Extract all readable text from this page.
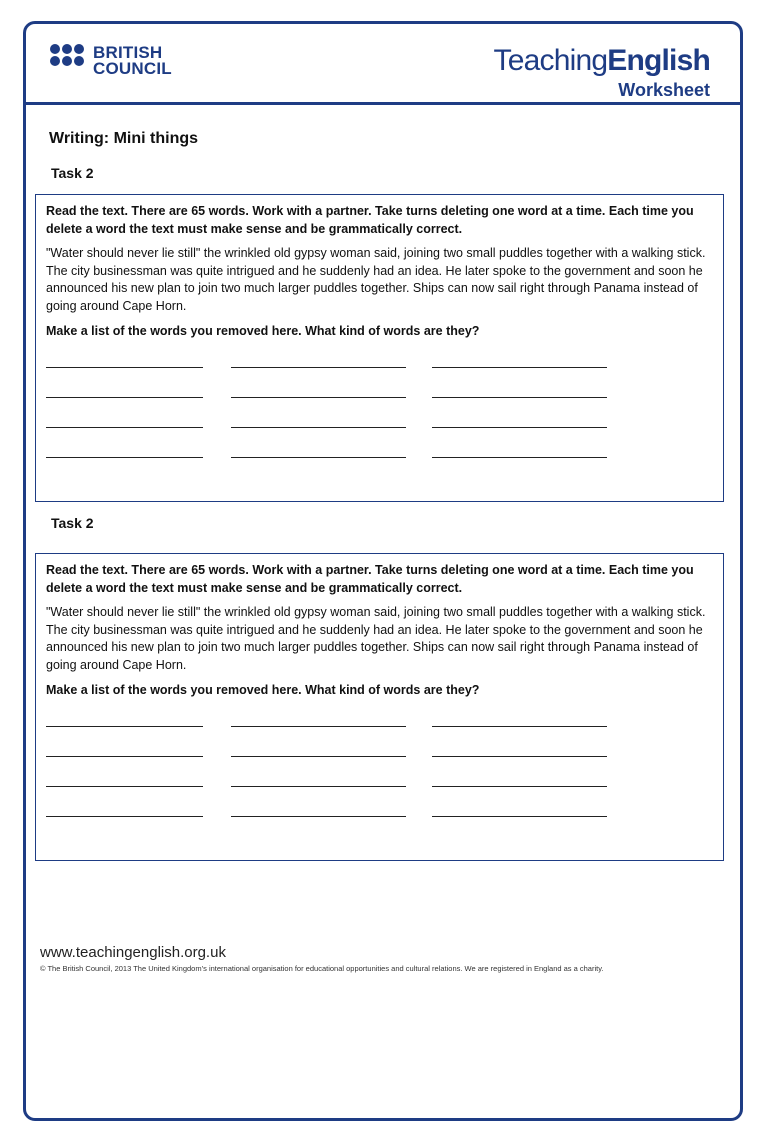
BRITISH
COUNCIL	TeachingEnglish
Worksheet
Writing: Mini things
Task 2

Read the text. There are 65 words. Work with a partner. Take turns deleting one word at a time. Each time you delete a word the text must make sense and be grammatically correct.

"Water should never lie still" the wrinkled old gypsy woman said, joining two small puddles together with a walking stick. The city businessman was quite intrigued and he suddenly had an idea. He later spoke to the government and soon he announced his new plan to join two much larger puddles together. Ships can now sail right through Panama instead of going around Cape Horn.

Make a list of the words you removed here. What kind of words are they?

Task 2

Read the text. There are 65 words. Work with a partner. Take turns deleting one word at a time. Each time you delete a word the text must make sense and be grammatically correct.

"Water should never lie still" the wrinkled old gypsy woman said, joining two small puddles together with a walking stick. The city businessman was quite intrigued and he suddenly had an idea. He later spoke to the government and soon he announced his new plan to join two much larger puddles together. Ships can now sail right through Panama instead of going around Cape Horn.

Make a list of the words you removed here. What kind of words are they?

www.teachingenglish.org.uk
© The British Council, 2013 The United Kingdom’s international organisation for educational opportunities and cultural relations. We are registered in England as a charity.
